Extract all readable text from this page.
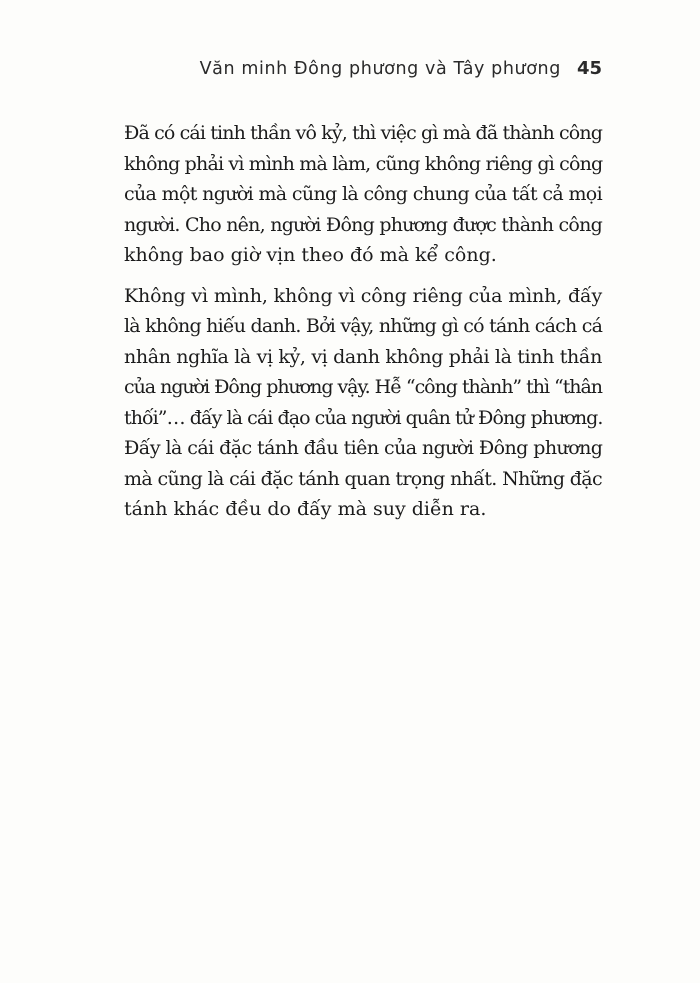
Văn minh Đông phương và Tây phương 45
Đã có cái tinh thần vô kỷ, thì việc gì mà đã thành công
không phải vì mình mà làm, cũng không riêng gì công
của một người mà cũng là công chung của tất cả mọi
người. Cho nên, người Đông phương được thành công
không bao giờ vịn theo đó mà kể công.
Không vì mình, không vì công riêng của mình, đấy
là không hiếu danh. Bởi vậy, những gì có tánh cách cá
nhân nghĩa là vị kỷ, vị danh không phải là tinh thần
của người Đông phương vậy. Hễ “công thành” thì “thân
thối”… đấy là cái đạo của người quân tử Đông phương.
Đấy là cái đặc tánh đầu tiên của người Đông phương
mà cũng là cái đặc tánh quan trọng nhất. Những đặc
tánh khác đều do đấy mà suy diễn ra.
